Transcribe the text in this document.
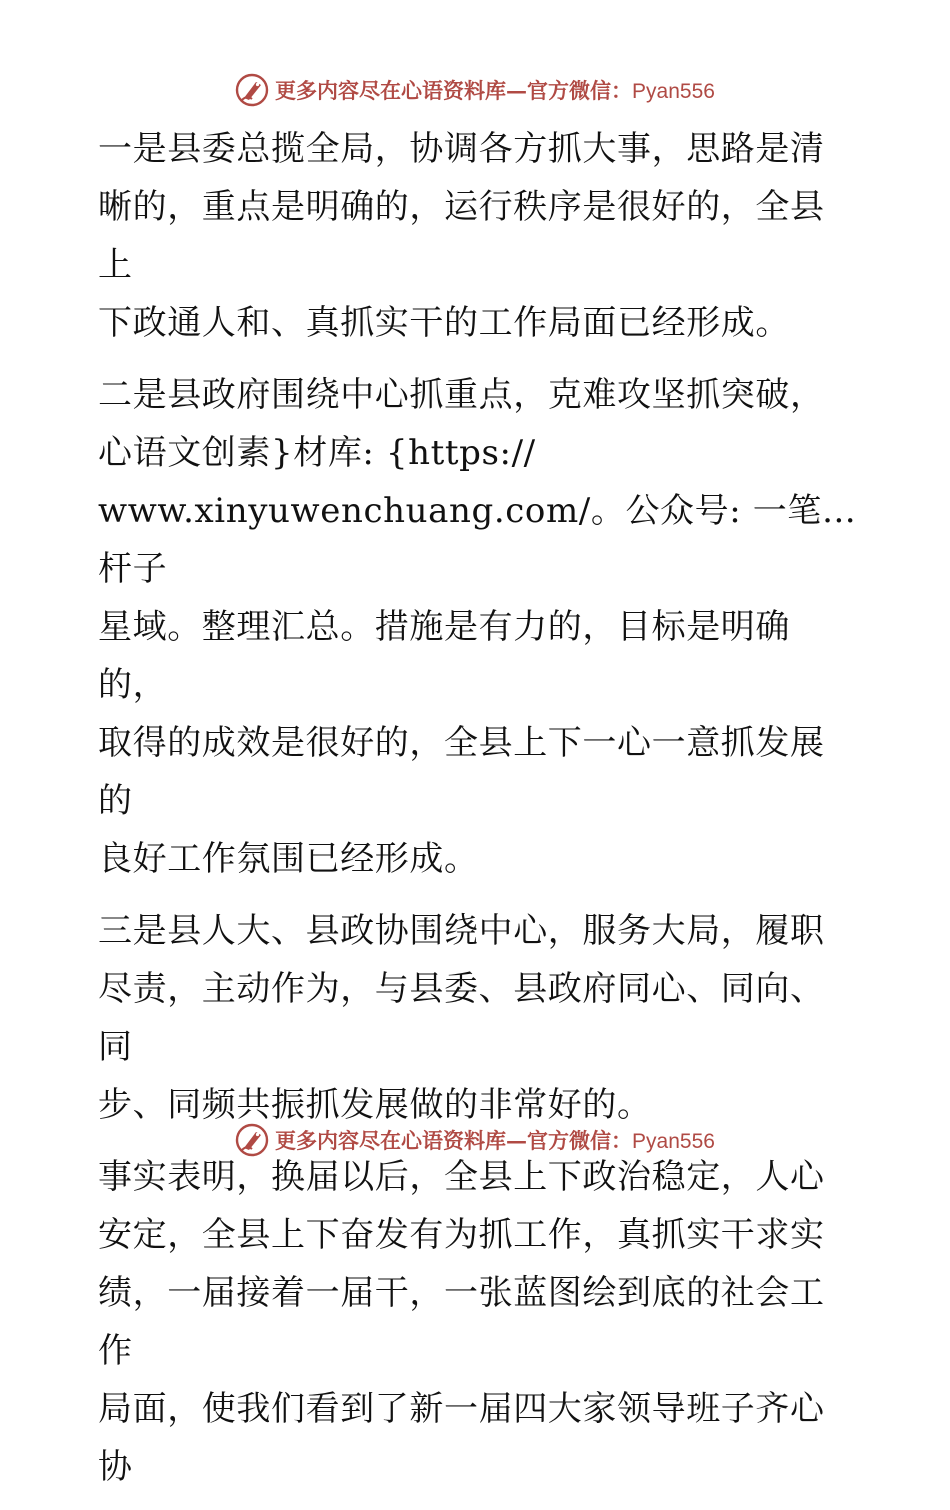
更多内容尽在心语资料库—官方微信：Pyan556

一是县委总揽全局，协调各方抓大事，思路是清
晰的，重点是明确的，运行秩序是很好的，全县上
下政通人和、真抓实干的工作局面已经形成。

二是县政府围绕中心抓重点，克难攻坚抓突破，
心语文创素}材库: {https://
www.xinyuwenchuang.com/。公众号: 一笔…杆子
星域。整理汇总。措施是有力的，目标是明确的，
取得的成效是很好的，全县上下一心一意抓发展的
良好工作氛围已经形成。

三是县人大、县政协围绕中心，服务大局，履职
尽责，主动作为，与县委、县政府同心、同向、同
步、同频共振抓发展做的非常好的。

事实表明，换届以后，全县上下政治稳定，人心
安定，全县上下奋发有为抓工作，真抓实干求实
绩，一届接着一届干，一张蓝图绘到底的社会工作
局面，使我们看到了新一届四大家领导班子齐心协

更多内容尽在心语资料库—官方微信：Pyan556
